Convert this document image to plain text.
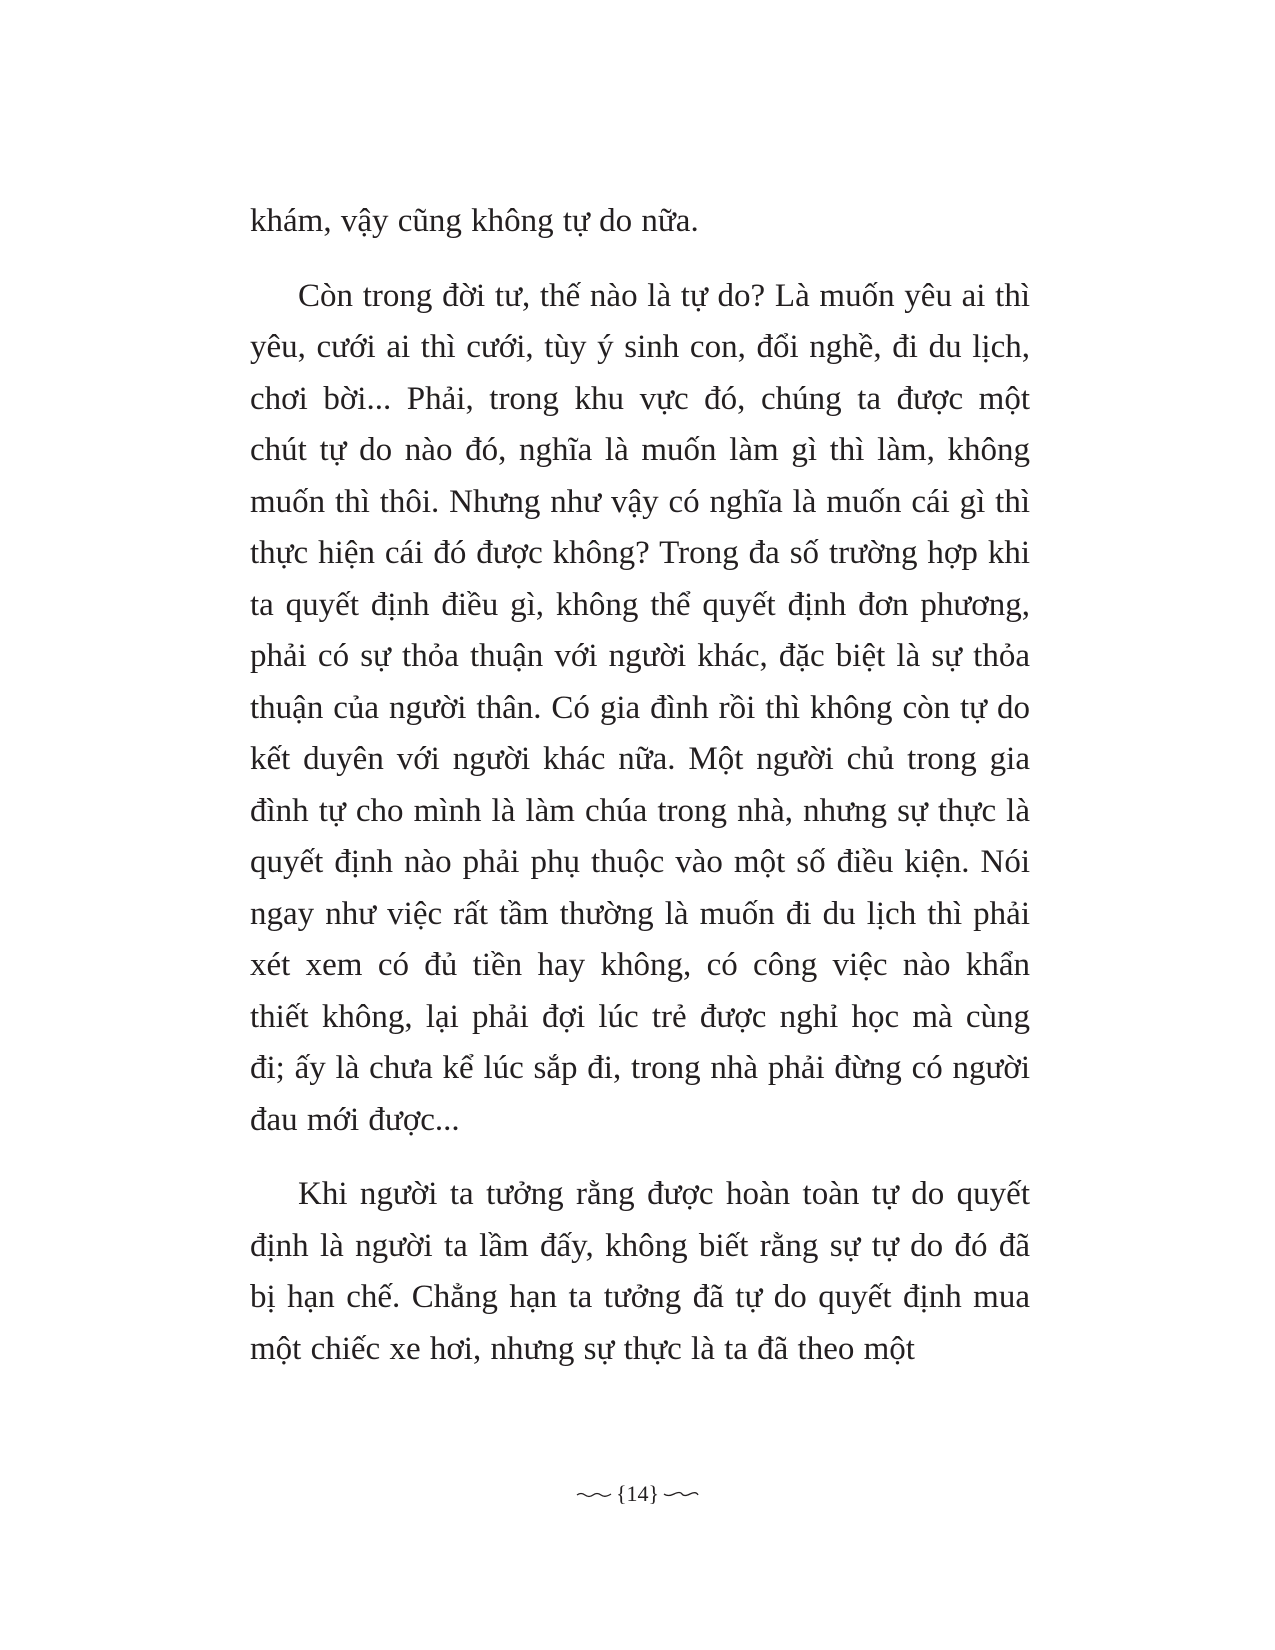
khám, vậy cũng không tự do nữa.

Còn trong đời tư, thế nào là tự do? Là muốn yêu ai thì yêu, cưới ai thì cưới, tùy ý sinh con, đổi nghề, đi du lịch, chơi bời... Phải, trong khu vực đó, chúng ta được một chút tự do nào đó, nghĩa là muốn làm gì thì làm, không muốn thì thôi. Nhưng như vậy có nghĩa là muốn cái gì thì thực hiện cái đó được không? Trong đa số trường hợp khi ta quyết định điều gì, không thể quyết định đơn phương, phải có sự thỏa thuận với người khác, đặc biệt là sự thỏa thuận của người thân. Có gia đình rồi thì không còn tự do kết duyên với người khác nữa. Một người chủ trong gia đình tự cho mình là làm chúa trong nhà, nhưng sự thực là quyết định nào phải phụ thuộc vào một số điều kiện. Nói ngay như việc rất tầm thường là muốn đi du lịch thì phải xét xem có đủ tiền hay không, có công việc nào khẩn thiết không, lại phải đợi lúc trẻ được nghỉ học mà cùng đi; ấy là chưa kể lúc sắp đi, trong nhà phải đừng có người đau mới được...

Khi người ta tưởng rằng được hoàn toàn tự do quyết định là người ta lầm đấy, không biết rằng sự tự do đó đã bị hạn chế. Chẳng hạn ta tưởng đã tự do quyết định mua một chiếc xe hơi, nhưng sự thực là ta đã theo một

{14}
